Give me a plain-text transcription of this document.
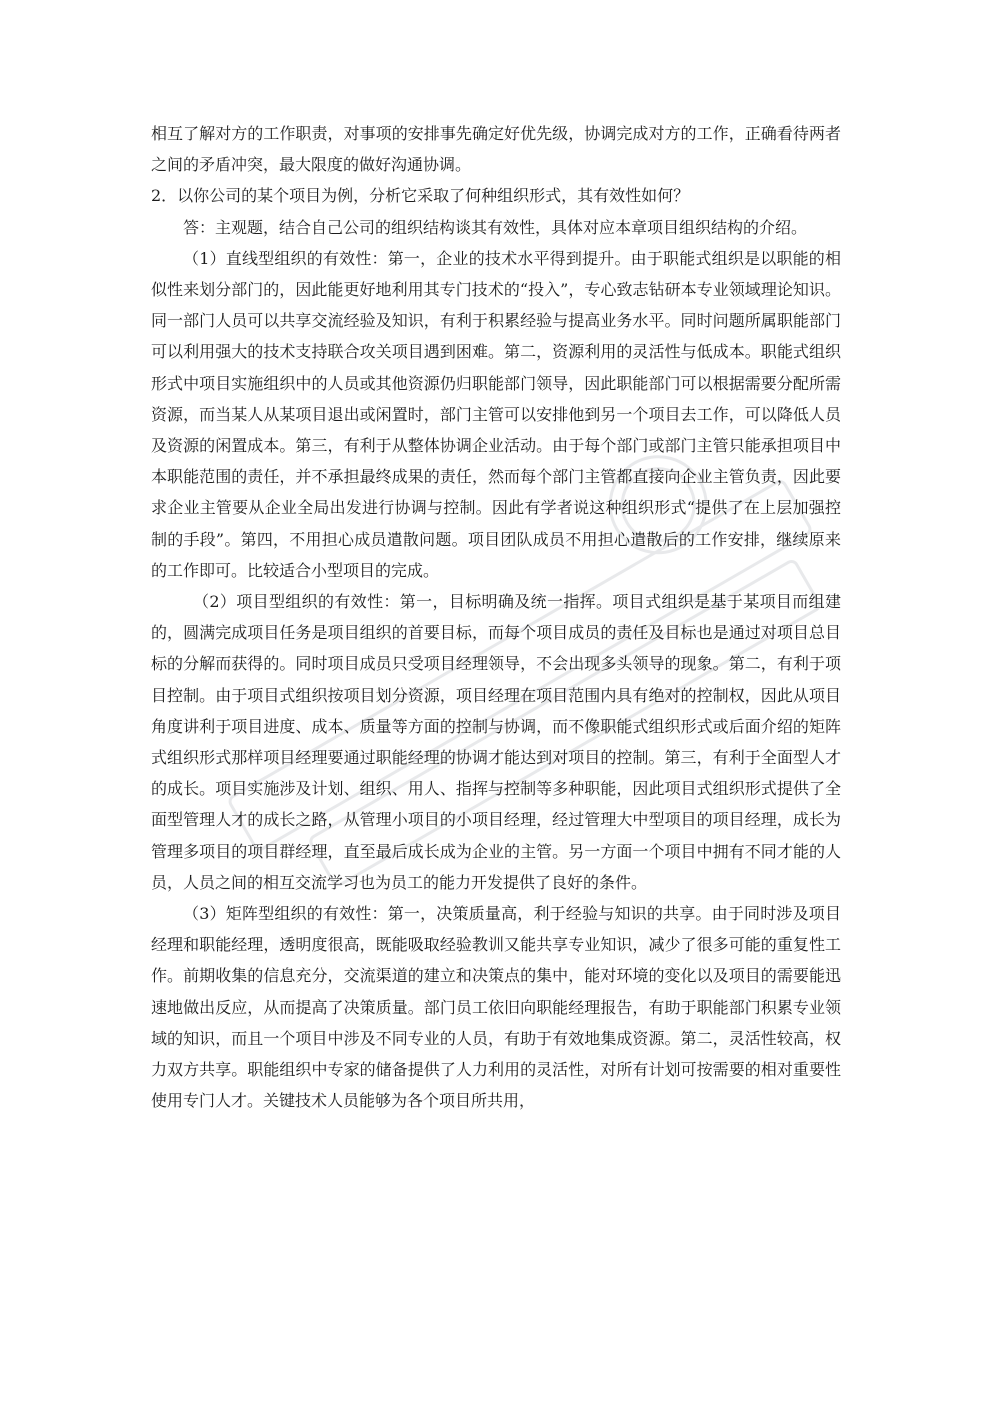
相互了解对方的工作职责，对事项的安排事先确定好优先级，协调完成对方的工作，正确看待两者之间的矛盾冲突，最大限度的做好沟通协调。

2．以你公司的某个项目为例，分析它采取了何种组织形式，其有效性如何？

答：主观题，结合自己公司的组织结构谈其有效性，具体对应本章项目组织结构的介绍。

（1）直线型组织的有效性：第一，企业的技术水平得到提升。由于职能式组织是以职能的相似性来划分部门的，因此能更好地利用其专门技术的“投入”，专心致志钻研本专业领域理论知识。同一部门人员可以共享交流经验及知识，有利于积累经验与提高业务水平。同时问题所属职能部门可以利用强大的技术支持联合攻关项目遇到困难。第二，资源利用的灵活性与低成本。职能式组织形式中项目实施组织中的人员或其他资源仍归职能部门领导，因此职能部门可以根据需要分配所需资源，而当某人从某项目退出或闲置时，部门主管可以安排他到另一个项目去工作，可以降低人员及资源的闲置成本。第三，有利于从整体协调企业活动。由于每个部门或部门主管只能承担项目中本职能范围的责任，并不承担最终成果的责任，然而每个部门主管都直接向企业主管负责，因此要求企业主管要从企业全局出发进行协调与控制。因此有学者说这种组织形式“提供了在上层加强控制的手段”。第四，不用担心成员遣散问题。项目团队成员不用担心遣散后的工作安排，继续原来的工作即可。比较适合小型项目的完成。

（2）项目型组织的有效性：第一，目标明确及统一指挥。项目式组织是基于某项目而组建的，圆满完成项目任务是项目组织的首要目标，而每个项目成员的责任及目标也是通过对项目总目标的分解而获得的。同时项目成员只受项目经理领导，不会出现多头领导的现象。第二，有利于项目控制。由于项目式组织按项目划分资源，项目经理在项目范围内具有绝对的控制权，因此从项目角度讲利于项目进度、成本、质量等方面的控制与协调，而不像职能式组织形式或后面介绍的矩阵式组织形式那样项目经理要通过职能经理的协调才能达到对项目的控制。第三，有利于全面型人才的成长。项目实施涉及计划、组织、用人、指挥与控制等多种职能，因此项目式组织形式提供了全面型管理人才的成长之路，从管理小项目的小项目经理，经过管理大中型项目的项目经理，成长为管理多项目的项目群经理，直至最后成长成为企业的主管。另一方面一个项目中拥有不同才能的人员，人员之间的相互交流学习也为员工的能力开发提供了良好的条件。

（3）矩阵型组织的有效性：第一，决策质量高，利于经验与知识的共享。由于同时涉及项目经理和职能经理，透明度很高，既能吸取经验教训又能共享专业知识，减少了很多可能的重复性工作。前期收集的信息充分，交流渠道的建立和决策点的集中，能对环境的变化以及项目的需要能迅速地做出反应，从而提高了决策质量。部门员工依旧向职能经理报告，有助于职能部门积累专业领域的知识，而且一个项目中涉及不同专业的人员，有助于有效地集成资源。第二，灵活性较高，权力双方共享。职能组织中专家的储备提供了人力利用的灵活性，对所有计划可按需要的相对重要性使用专门人才。关键技术人员能够为各个项目所共用，
